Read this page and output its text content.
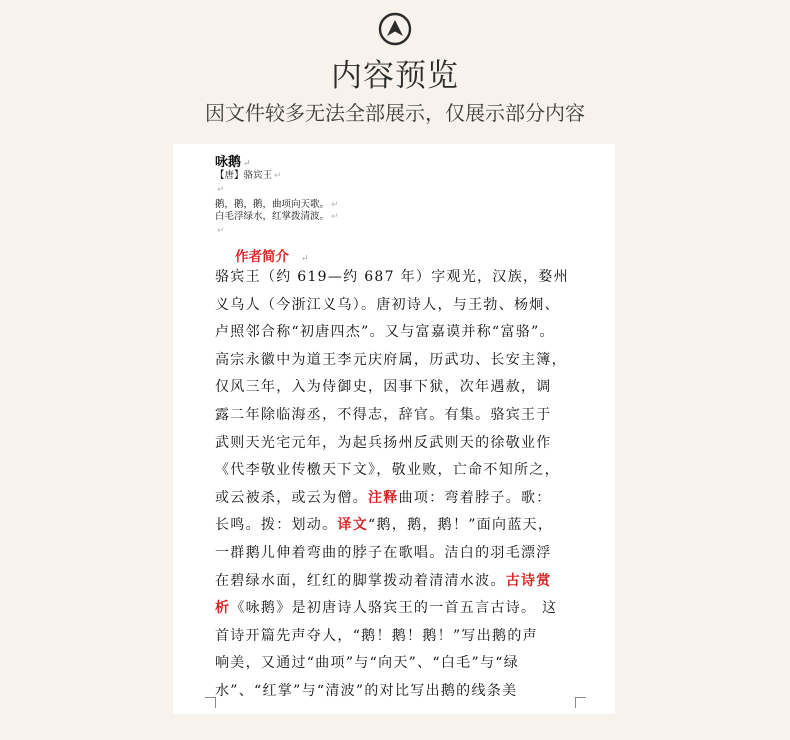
内容预览
因文件较多无法全部展示，仅展示部分内容
咏鹅 ↵
【唐】骆宾王 ↵
↵
鹅，鹅，鹅，曲项向天歌。 ↵
白毛浮绿水，红掌拨清波。 ↵
↵
作者简介 ↵
骆宾王（约 619—约 687 年）字观光，汉族，婺州
义乌人（今浙江义乌）。唐初诗人，与王勃、杨炯、
卢照邻合称“初唐四杰”。又与富嘉谟并称“富骆”。
高宗永徽中为道王李元庆府属，历武功、长安主簿，
仅风三年，入为侍御史，因事下狱，次年遇赦，调
露二年除临海丞，不得志，辞官。有集。骆宾王于
武则天光宅元年，为起兵扬州反武则天的徐敬业作
《代李敬业传檄天下文》，敬业败，亡命不知所之，
或云被杀，或云为僧。注释曲项：弯着脖子。歌：
长鸣。拨：划动。译文“鹅，鹅，鹅！”面向蓝天，
一群鹅儿伸着弯曲的脖子在歌唱。洁白的羽毛漂浮
在碧绿水面，红红的脚掌拨动着清清水波。古诗赏
析《咏鹅》是初唐诗人骆宾王的一首五言古诗。 这
首诗开篇先声夺人，“鹅！鹅！鹅！”写出鹅的声
响美，又通过“曲项”与“向天”、“白毛”与“绿
水”、“红掌”与“清波”的对比写出鹅的线条美
